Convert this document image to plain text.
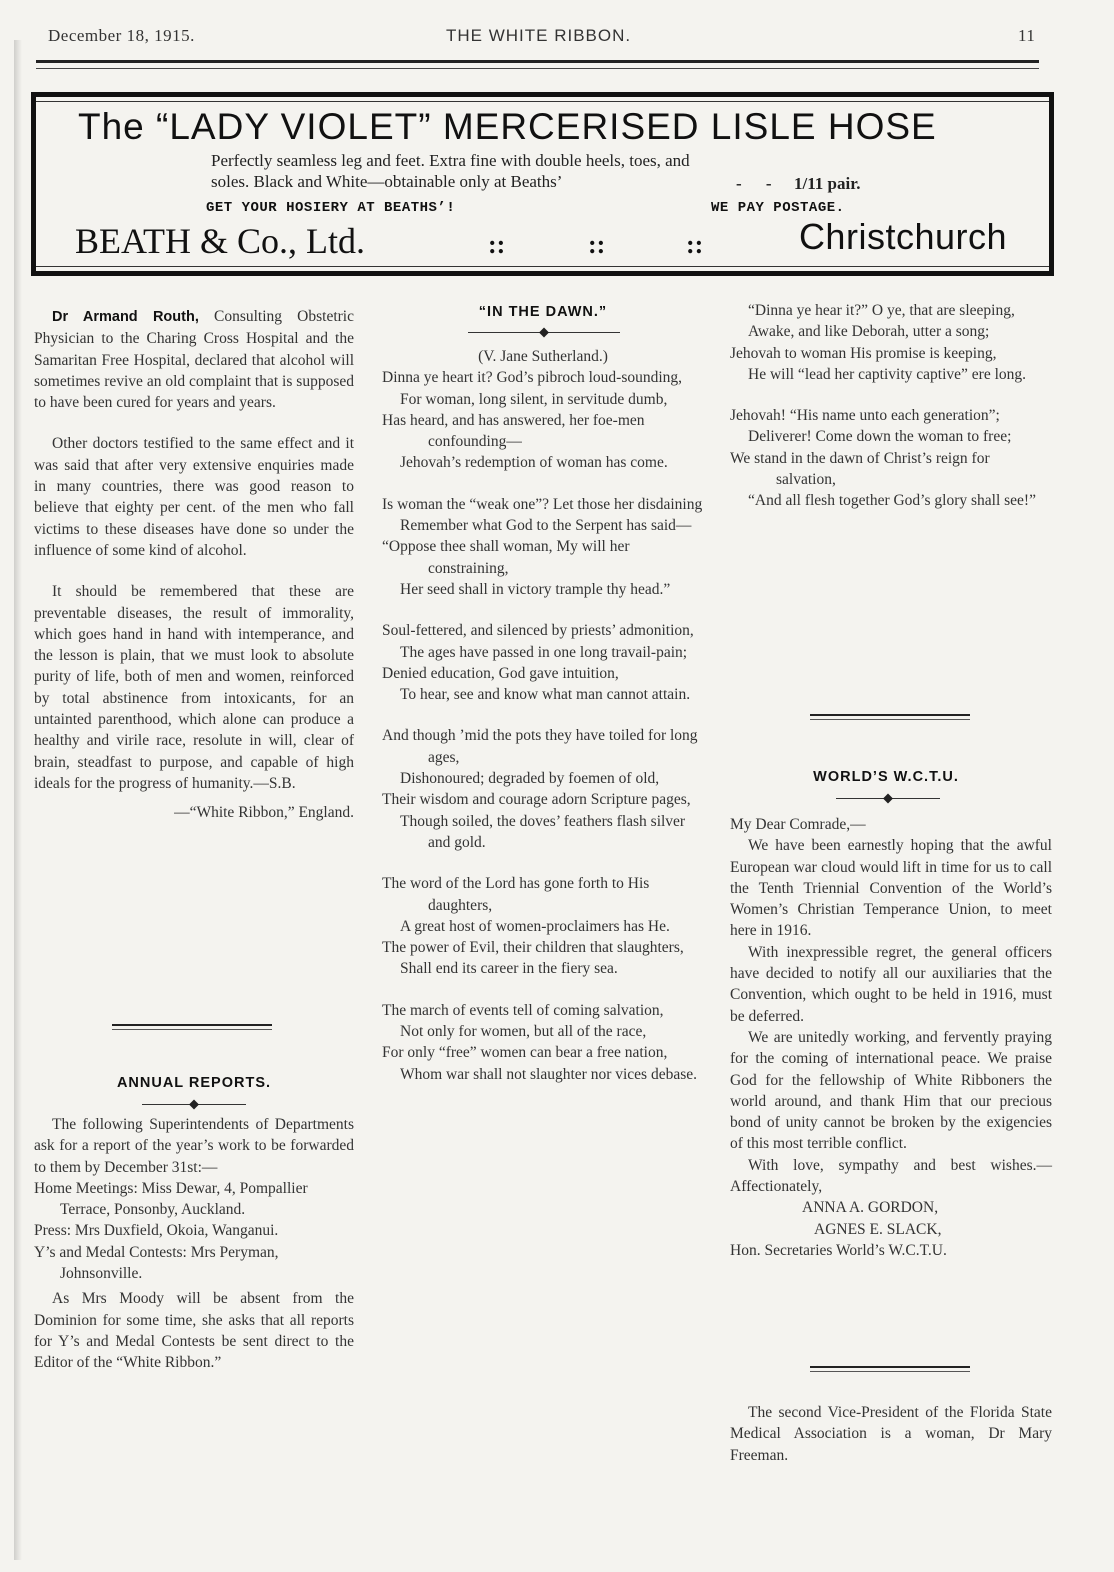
December 18, 1915.	THE WHITE RIBBON.	11
The “LADY VIOLET” MERCERISED LISLE HOSE
Perfectly seamless leg and feet. Extra fine with double heels, toes, and
soles. Black and White—obtainable only at Beaths’	- - 1/11 pair.
GET YOUR HOSIERY AT BEATHS’!	WE PAY POSTAGE.
BEATH & Co., Ltd.	::	::	::	Christchurch

Dr Armand Routh, Consulting Obstetric Physician to the Charing Cross Hospital and the Samaritan Free Hospital, declared that alcohol will sometimes revive an old complaint that is supposed to have been cured for years and years.

Other doctors testified to the same effect and it was said that after very extensive enquiries made in many countries, there was good reason to believe that eighty per cent. of the men who fall victims to these diseases have done so under the influence of some kind of alcohol.

It should be remembered that these are preventable diseases, the result of immorality, which goes hand in hand with intemperance, and the lesson is plain, that we must look to absolute purity of life, both of men and women, reinforced by total abstinence from intoxicants, for an untainted parenthood, which alone can produce a healthy and virile race, resolute in will, clear of brain, steadfast to purpose, and capable of high ideals for the progress of humanity.—S.B.

—“White Ribbon,” England.

ANNUAL REPORTS.

The following Superintendents of Departments ask for a report of the year’s work to be forwarded to them by December 31st:—

Home Meetings: Miss Dewar, 4, Pompallier Terrace, Ponsonby, Auckland.

Press: Mrs Duxfield, Okoia, Wanganui.

Y’s and Medal Contests: Mrs Peryman, Johnsonville.

As Mrs Moody will be absent from the Dominion for some time, she asks that all reports for Y’s and Medal Contests be sent direct to the Editor of the “White Ribbon.”

“IN THE DAWN.”

(V. Jane Sutherland.)

Dinna ye heart it? God’s pibroch loud-sounding,

For woman, long silent, in servitude dumb,

Has heard, and has answered, her foe-men confounding—

Jehovah’s redemption of woman has come.

Is woman the “weak one”? Let those her disdaining

Remember what God to the Serpent has said—

“Oppose thee shall woman, My will her constraining,

Her seed shall in victory trample thy head.”

Soul-fettered, and silenced by priests’ admonition,

The ages have passed in one long travail-pain;

Denied education, God gave intuition,

To hear, see and know what man cannot attain.

And though ’mid the pots they have toiled for long ages,

Dishonoured; degraded by foemen of old,

Their wisdom and courage adorn Scripture pages,

Though soiled, the doves’ feathers flash silver and gold.

The word of the Lord has gone forth to His daughters,

A great host of women-proclaimers has He.

The power of Evil, their children that slaughters,

Shall end its career in the fiery sea.

The march of events tell of coming salvation,

Not only for women, but all of the race,

For only “free” women can bear a free nation,

Whom war shall not slaughter nor vices debase.

“Dinna ye hear it?” O ye, that are sleeping,

Awake, and like Deborah, utter a song;

Jehovah to woman His promise is keeping,

He will “lead her captivity captive” ere long.

Jehovah! “His name unto each generation”;

Deliverer! Come down the woman to free;

We stand in the dawn of Christ’s reign for salvation,

“And all flesh together God’s glory shall see!”

WORLD’S W.C.T.U.

My Dear Comrade,—

We have been earnestly hoping that the awful European war cloud would lift in time for us to call the Tenth Triennial Convention of the World’s Women’s Christian Temperance Union, to meet here in 1916.

With inexpressible regret, the general officers have decided to notify all our auxiliaries that the Convention, which ought to be held in 1916, must be deferred.

We are unitedly working, and fervently praying for the coming of international peace. We praise God for the fellowship of White Ribboners the world around, and thank Him that our precious bond of unity cannot be broken by the exigencies of this most terrible conflict.

With love, sympathy and best wishes.—Affectionately,

ANNA A. GORDON,

AGNES E. SLACK,

Hon. Secretaries World’s W.C.T.U.

The second Vice-President of the Florida State Medical Association is a woman, Dr Mary Freeman.
